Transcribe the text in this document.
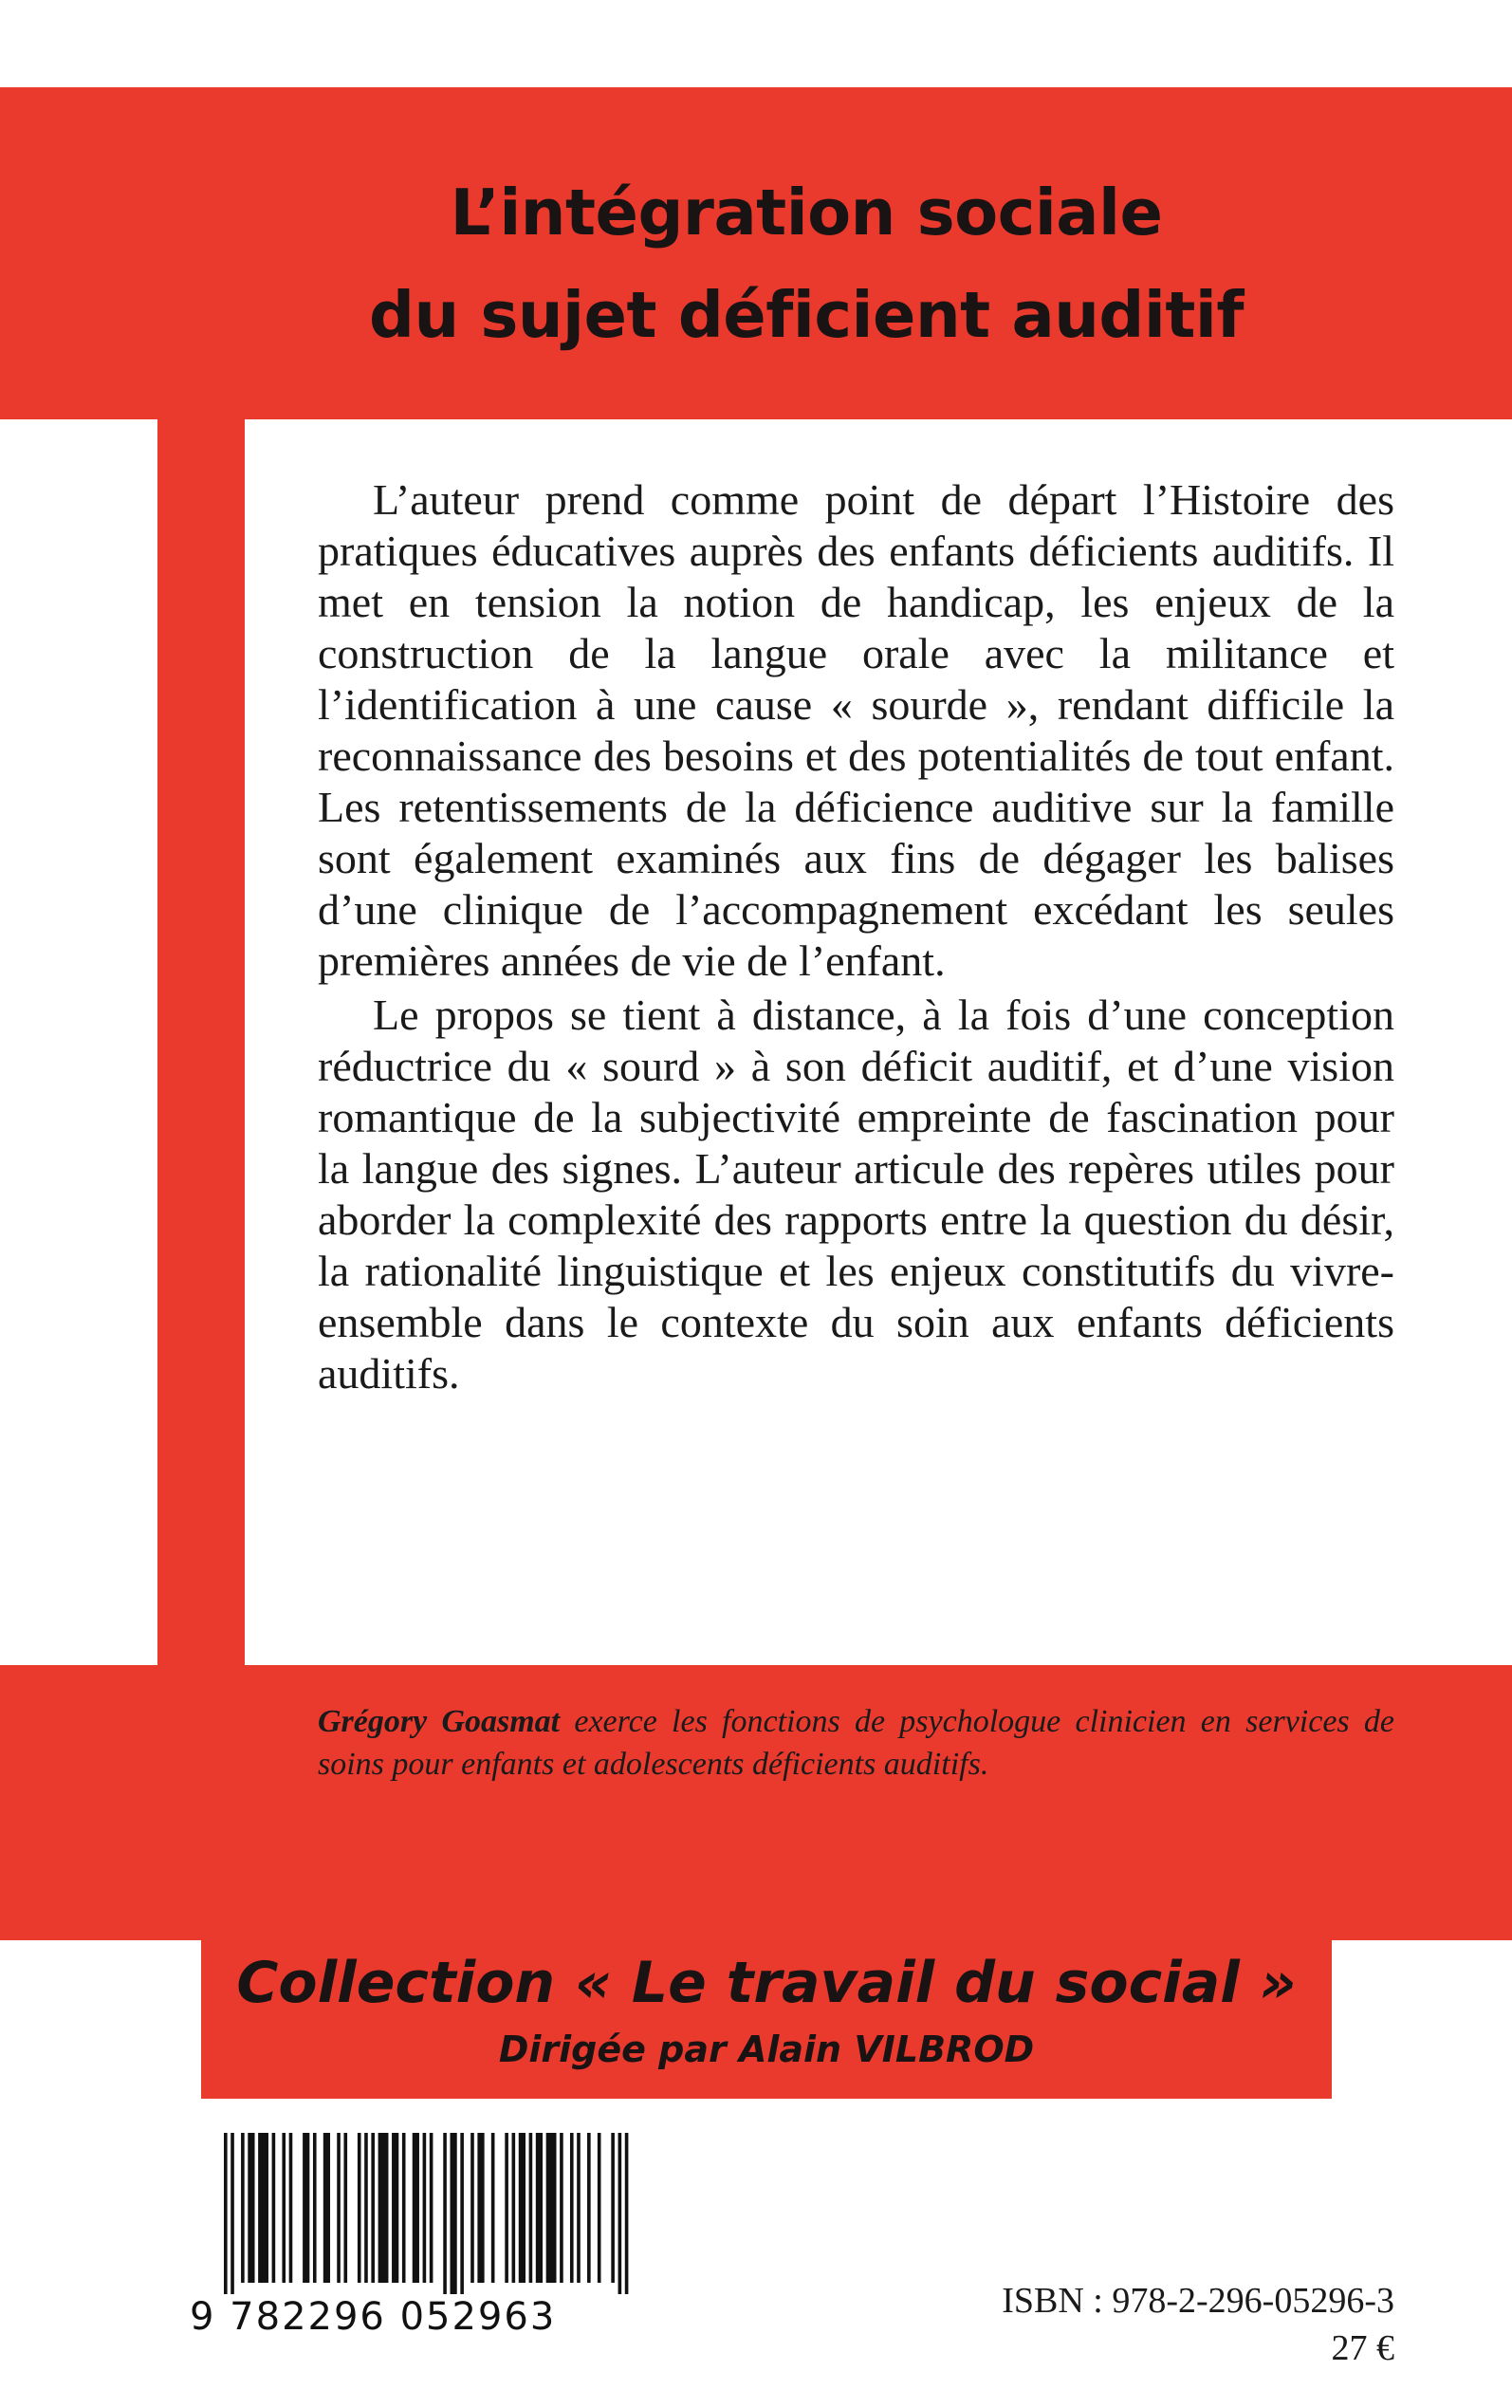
L’intégration sociale
du sujet déficient auditif

L’auteur prend comme point de départ l’Histoire des pratiques éducatives auprès des enfants déficients auditifs. Il met en tension la notion de handicap, les enjeux de la construction de la langue orale avec la militance et l’identification à une cause « sourde », rendant difficile la reconnaissance des besoins et des potentialités de tout enfant. Les retentissements de la déficience auditive sur la famille sont également examinés aux fins de dégager les balises d’une clinique de l’accompagnement excédant les seules premières années de vie de l’enfant.

Le propos se tient à distance, à la fois d’une conception réductrice du « sourd » à son déficit auditif, et d’une vision romantique de la subjectivité empreinte de fascination pour la langue des signes. L’auteur articule des repères utiles pour aborder la complexité des rapports entre la question du désir, la rationalité linguistique et les enjeux constitutifs du vivre-ensemble dans le contexte du soin aux enfants déficients auditifs.

Grégory Goasmat exerce les fonctions de psychologue clinicien en services de soins pour enfants et adolescents déficients auditifs.
Collection « Le travail du social »
Dirigée par Alain VILBROD
9 782296 052963	ISBN : 978-2-296-05296-3
27 €
